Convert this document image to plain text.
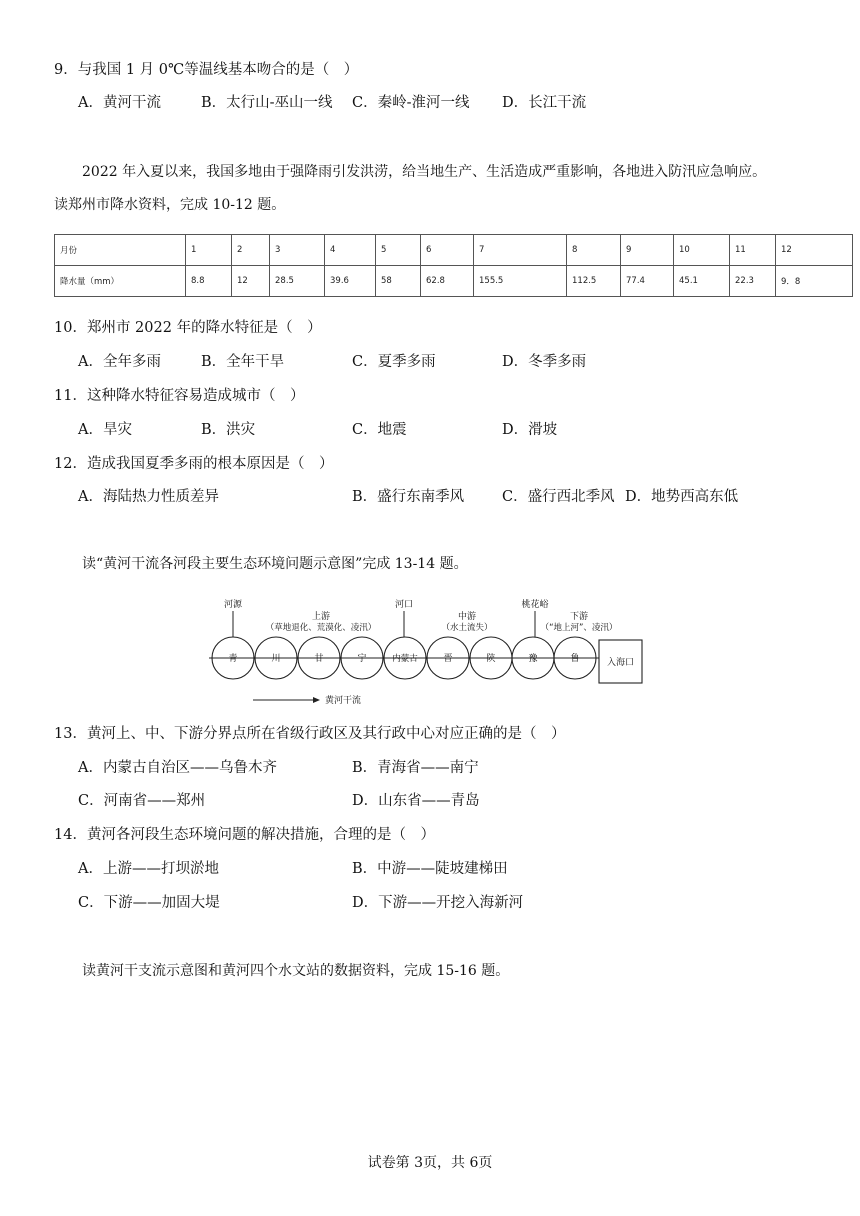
9．与我国 1 月 0℃等温线基本吻合的是（　）
A．黄河干流	B．太行山-巫山一线 C．秦岭-淮河一线 D．长江干流
2022 年入夏以来，我国多地由于强降雨引发洪涝，给当地生产、生活造成严重影响，各地进入防汛应急响应。
读郑州市降水资料，完成 10-12 题。
月份	1	2	3	4	5	6	7	8	9	10	11	12
降水量（mm）	8.8	12	28.5	39.6	58	62.8	155.5	112.5	77.4	45.1	22.3	9．8
10．郑州市 2022 年的降水特征是（　）
A．全年多雨	B．全年干旱	C．夏季多雨	D．冬季多雨
11．这种降水特征容易造成城市（　）
A．旱灾	B．洪灾	C．地震	D．滑坡
12．造成我国夏季多雨的根本原因是（　）
A．海陆热力性质差异	B．盛行东南季风	C．盛行西北季风 D．地势西高东低
读“黄河干流各河段主要生态环境问题示意图”完成 13-14 题。
青	川	甘	宁	内蒙古	晋	陕	豫	鲁	入海口
河源	河口	桃花峪
上游
（草地退化、荒漠化、凌汛）
中游
（水土流失）
下游
（“地上河”、凌汛）
黄河干流
13．黄河上、中、下游分界点所在省级行政区及其行政中心对应正确的是（　）
A．内蒙古自治区——乌鲁木齐	B．青海省——南宁
C．河南省——郑州	D．山东省——青岛
14．黄河各河段生态环境问题的解决措施，合理的是（　）
A．上游——打坝淤地	B．中游——陡坡建梯田
C．下游——加固大堤	D．下游——开挖入海新河
读黄河干支流示意图和黄河四个水文站的数据资料，完成 15-16 题。
试卷第 3页，共 6页
